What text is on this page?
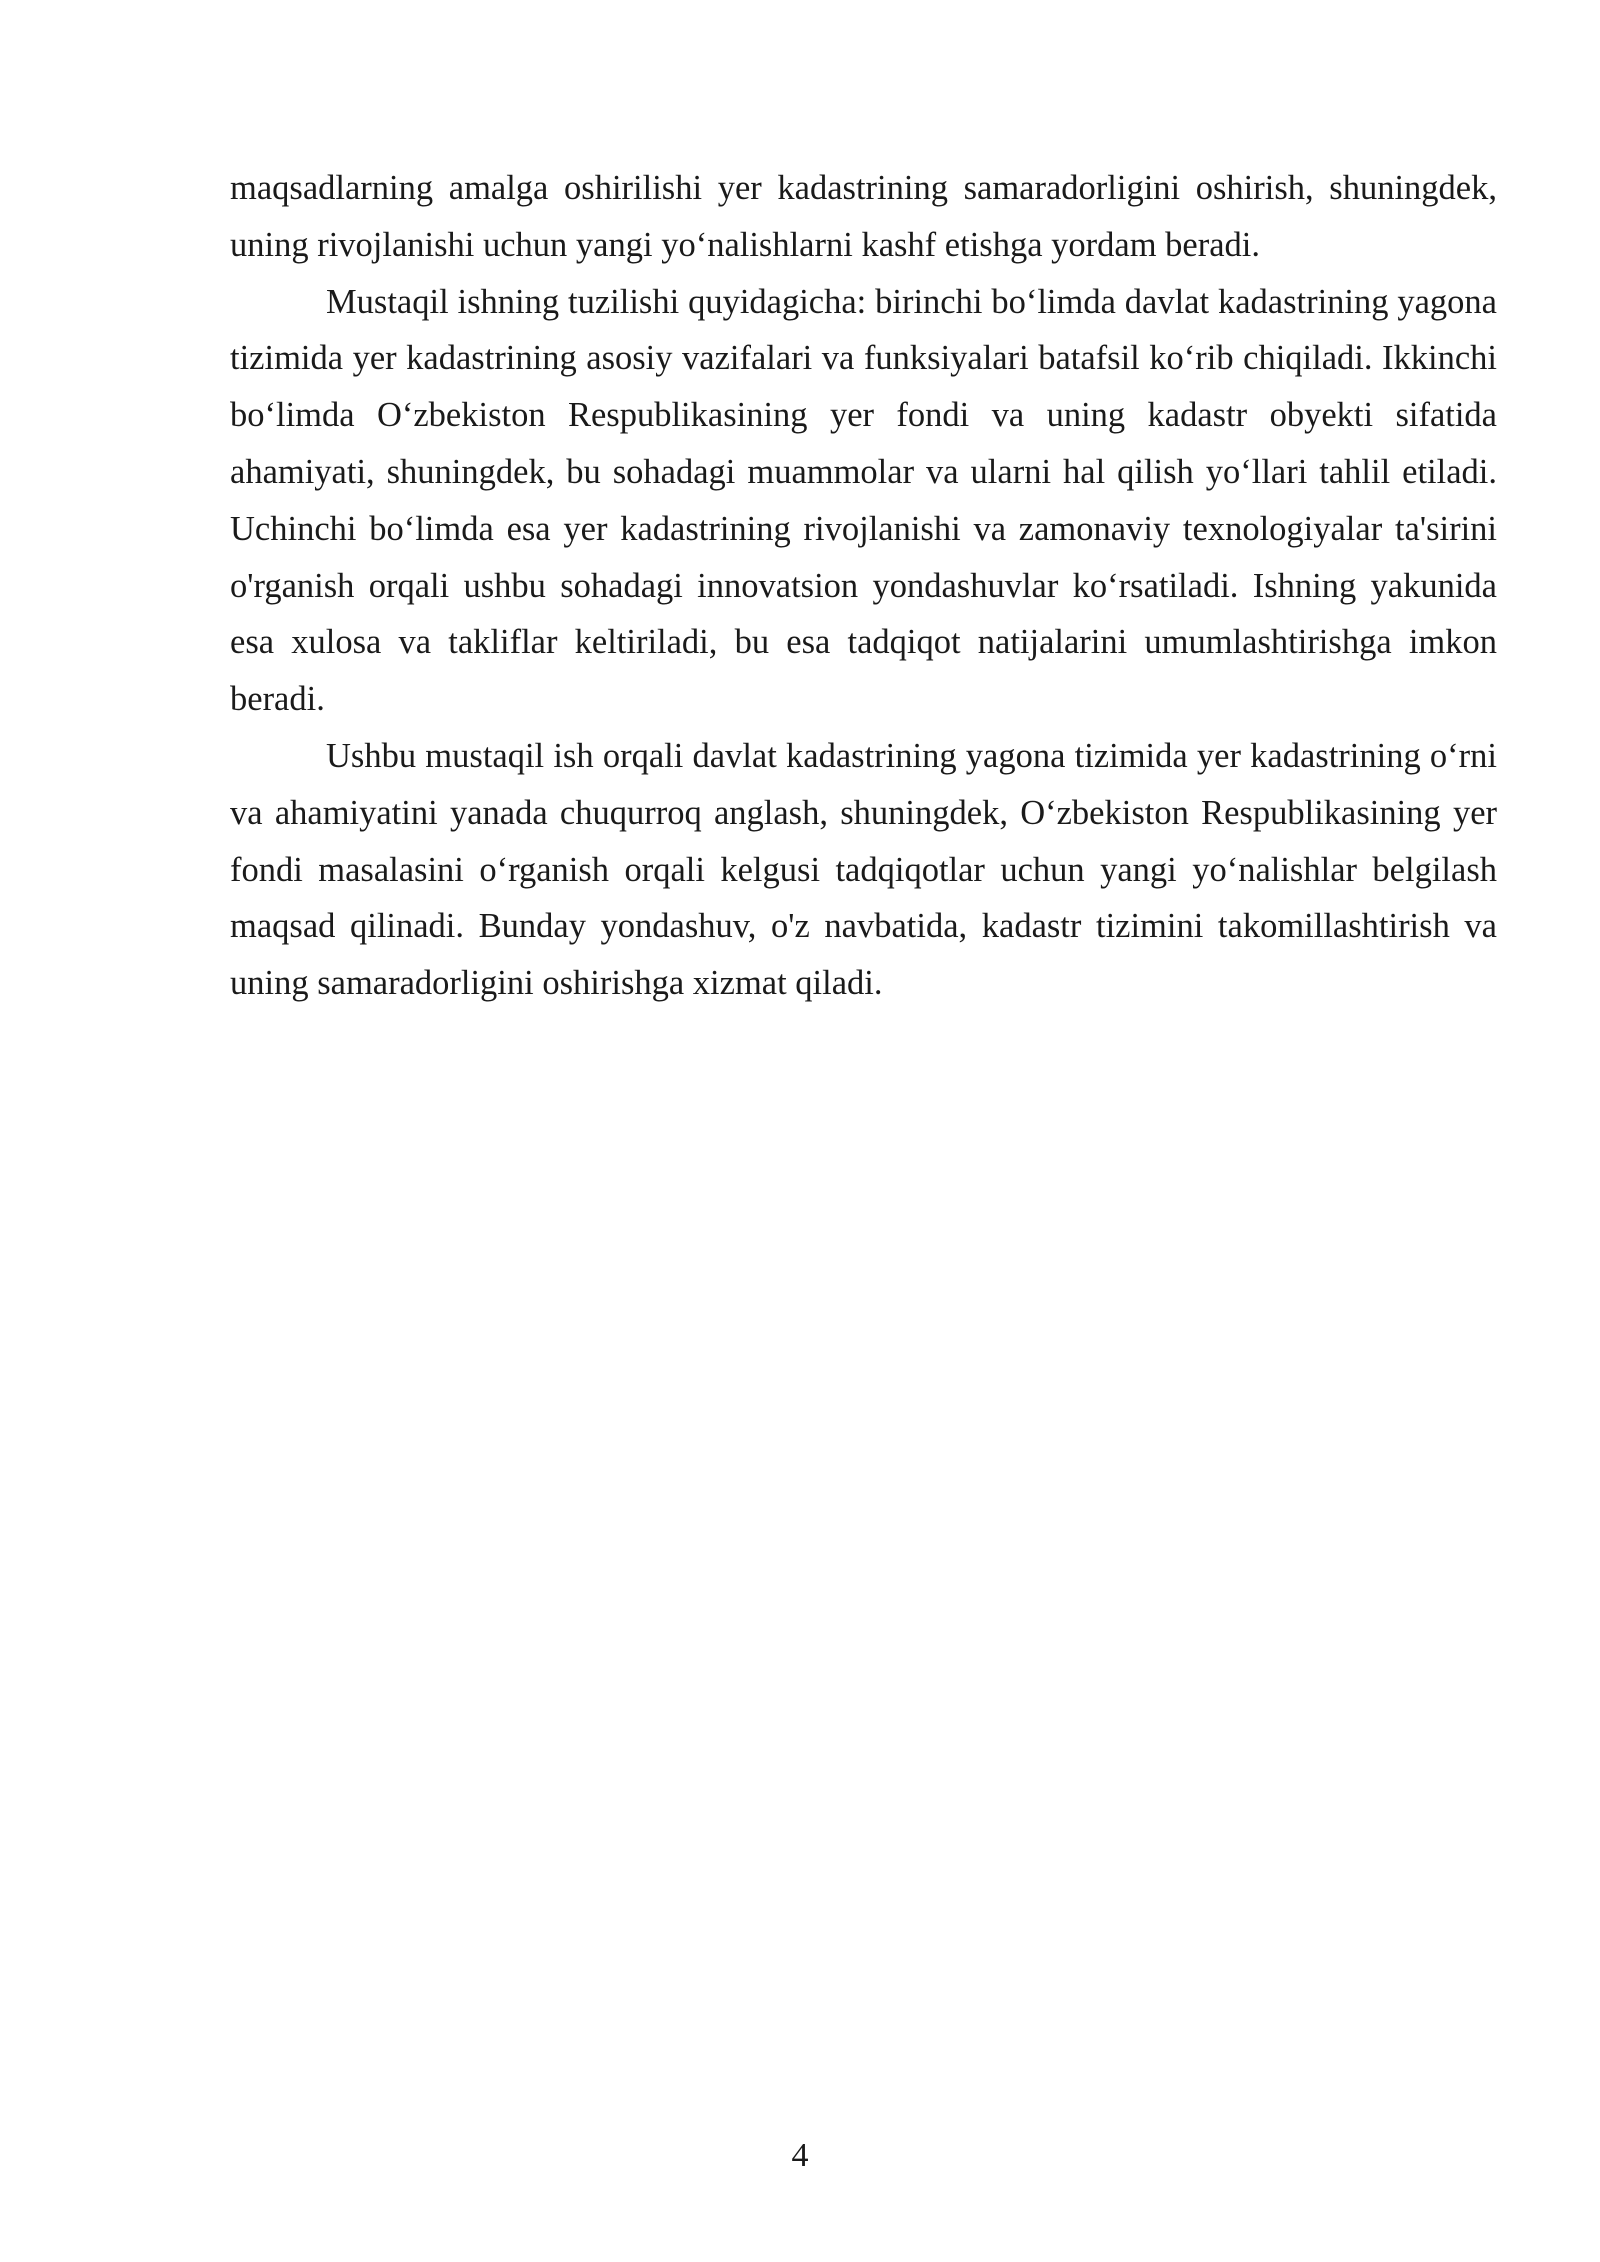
maqsadlarning amalga oshirilishi yer kadastrining samaradorligini oshirish, shuningdek, uning rivojlanishi uchun yangi yo‘nalishlarni kashf etishga yordam beradi.

Mustaqil ishning tuzilishi quyidagicha: birinchi bo‘limda davlat kadastrining yagona tizimida yer kadastrining asosiy vazifalari va funksiyalari batafsil ko‘rib chiqiladi. Ikkinchi bo‘limda O‘zbekiston Respublikasining yer fondi va uning kadastr obyekti sifatida ahamiyati, shuningdek, bu sohadagi muammolar va ularni hal qilish yo‘llari tahlil etiladi. Uchinchi bo‘limda esa yer kadastrining rivojlanishi va zamonaviy texnologiyalar ta'sirini o'rganish orqali ushbu sohadagi innovatsion yondashuvlar ko‘rsatiladi. Ishning yakunida esa xulosa va takliflar keltiriladi, bu esa tadqiqot natijalarini umumlashtirishga imkon beradi.

Ushbu mustaqil ish orqali davlat kadastrining yagona tizimida yer kadastrining o‘rni va ahamiyatini yanada chuqurroq anglash, shuningdek, O‘zbekiston Respublikasining yer fondi masalasini o‘rganish orqali kelgusi tadqiqotlar uchun yangi yo‘nalishlar belgilash maqsad qilinadi. Bunday yondashuv, o'z navbatida, kadastr tizimini takomillashtirish va uning samaradorligini oshirishga xizmat qiladi.

4
